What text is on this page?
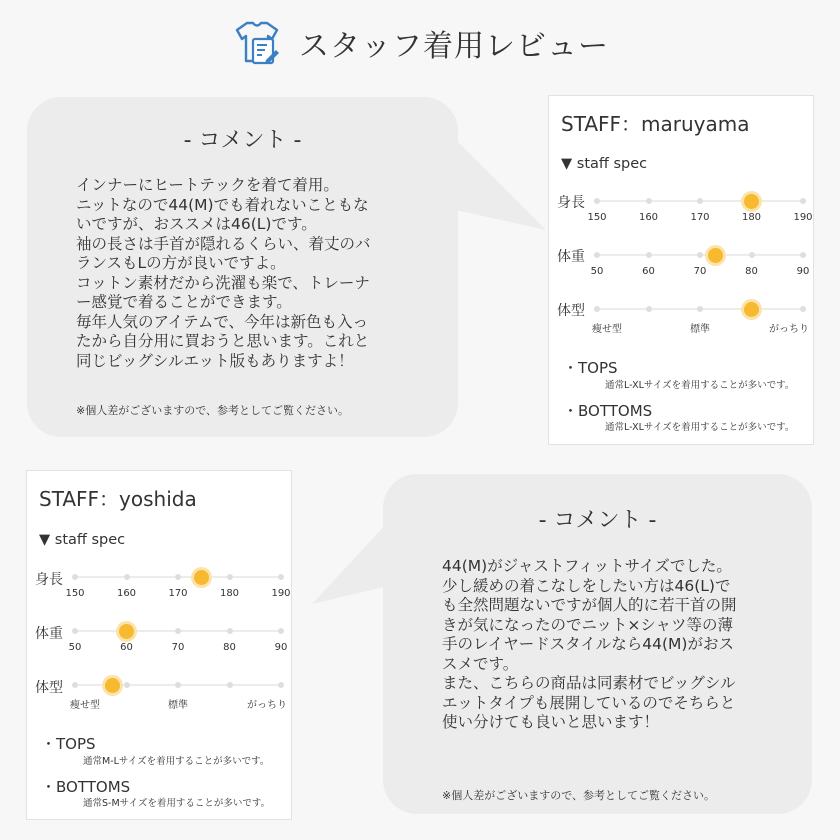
スタッフ着用レビュー
- コメント -
インナーにヒートテックを着て着用。
ニットなので44(M)でも着れないこともな
いですが、おススメは46(L)です。
袖の長さは手首が隠れるくらい、着丈のバ
ランスもLの方が良いですよ。
コットン素材だから洗濯も楽で、トレーナ
ー感覚で着ることができます。
毎年人気のアイテムで、今年は新色も入っ
たから自分用に買おうと思います。これと
同じビッグシルエット版もありますよ！
※個人差がございますので、参考としてご覧ください。
STAFF：maruyama
▼ staff spec
身長
150	160	170	180	190
体重
50	60	70	80	90
体型
痩せ型	標準	がっちり
・TOPS
通常L-XLサイズを着用することが多いです。
・BOTTOMS
通常L-XLサイズを着用することが多いです。
STAFF：yoshida
▼ staff spec
身長
150	160	170	180	190
体重
50	60	70	80	90
体型
痩せ型	標準	がっちり
・TOPS
通常M-Lサイズを着用することが多いです。
・BOTTOMS
通常S-Mサイズを着用することが多いです。
- コメント -
44(M)がジャストフィットサイズでした。
少し緩めの着こなしをしたい方は46(L)で
も全然問題ないですが個人的に若干首の開
きが気になったのでニット×シャツ等の薄
手のレイヤードスタイルなら44(M)がおス
スメです。
また、こちらの商品は同素材でビッグシル
エットタイプも展開しているのでそちらと
使い分けても良いと思います！
※個人差がございますので、参考としてご覧ください。
